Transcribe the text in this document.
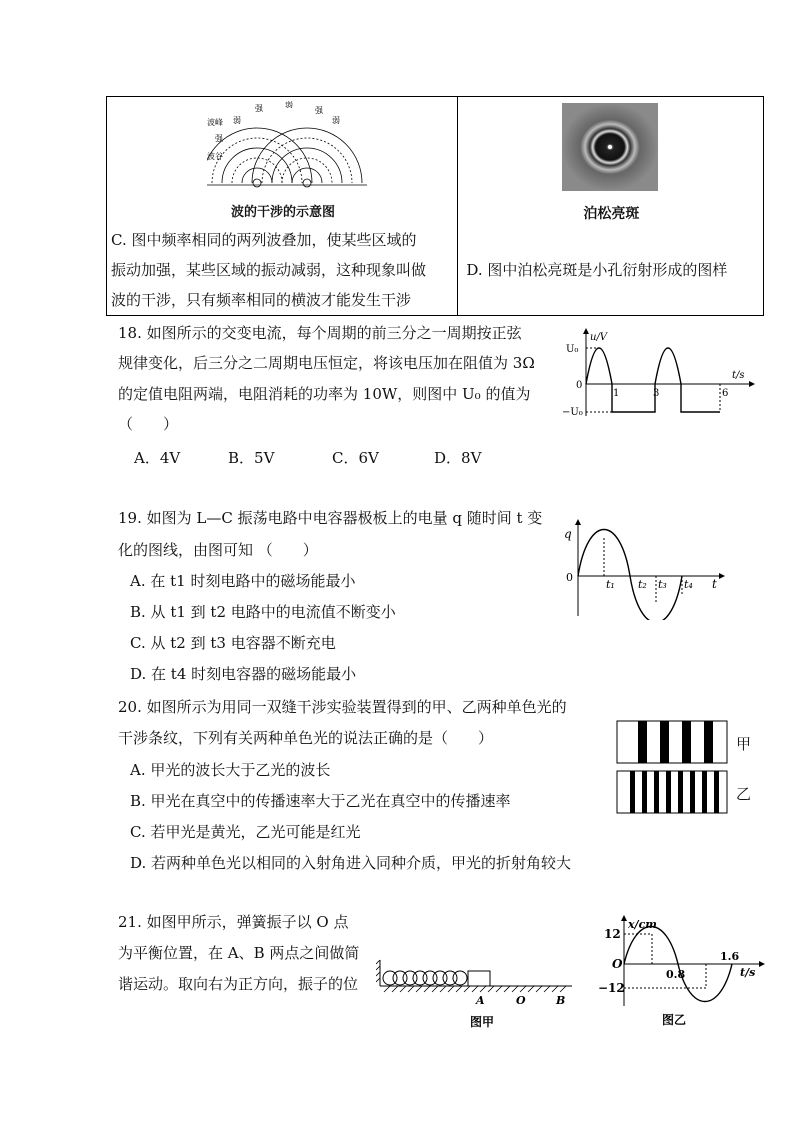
波峰
波谷
弱
强
强	弱
强
弱
波的干涉的示意图
C. 图中频率相同的两列波叠加，使某些区域的
振动加强，某些区域的振动减弱，这种现象叫做
波的干涉，只有频率相同的横波才能发生干涉

泊松亮斑
D. 图中泊松亮斑是小孔衍射形成的图样
18. 如图所示的交变电流，每个周期的前三分之一周期按正弦
规律变化，后三分之二周期电压恒定，将该电压加在阻值为 3Ω
的定值电阻两端，电阻消耗的功率为 10W，则图中 U₀ 的值为
（　　）
A．4V	B．5V	C．6V	D．8V
u/V
t/s
U₀
−U₀
0
1	3	6
19. 如图为 L—C 振荡电路中电容器极板上的电量 q 随时间 t 变
化的图线，由图可知 （　　）
A. 在 t1 时刻电路中的磁场能最小
B. 从 t1 到 t2 电路中的电流值不断变小
C. 从 t2 到 t3 电容器不断充电
D. 在 t4 时刻电容器的磁场能最小
q
t
0
t₁ t₂ t₃ t₄
20. 如图所示为用同一双缝干涉实验装置得到的甲、乙两种单色光的
干涉条纹，下列有关两种单色光的说法正确的是（　　）
A. 甲光的波长大于乙光的波长
B. 甲光在真空中的传播速率大于乙光在真空中的传播速率
C. 若甲光是黄光，乙光可能是红光
D. 若两种单色光以相同的入射角进入同种介质，甲光的折射角较大
甲
乙
21. 如图甲所示，弹簧振子以 O 点
为平衡位置，在 A、B 两点之间做简
谐运动。取向右为正方向，振子的位
A	O	B
图甲
x/cm
t/s
O
12
−12
0.8
1.6
图乙
